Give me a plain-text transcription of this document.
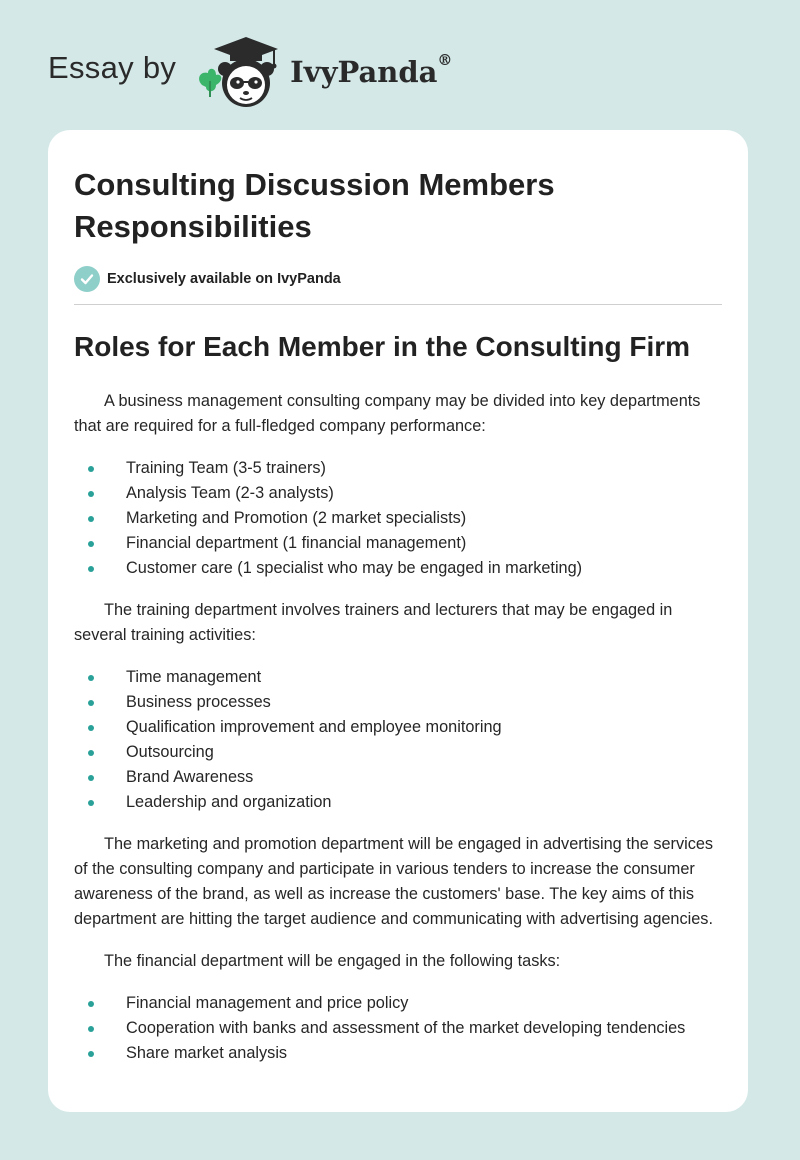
Essay by	IvyPanda®
Consulting Discussion Members Responsibilities
Exclusively available on IvyPanda
Roles for Each Member in the Consulting Firm

A business management consulting company may be divided into key departments that are required for a full-fledged company performance:

Training Team (3-5 trainers)
Analysis Team (2-3 analysts)
Marketing and Promotion (2 market specialists)
Financial department (1 financial management)
Customer care (1 specialist who may be engaged in marketing)

The training department involves trainers and lecturers that may be engaged in several training activities:

Time management
Business processes
Qualification improvement and employee monitoring
Outsourcing
Brand Awareness
Leadership and organization

The marketing and promotion department will be engaged in advertising the services of the consulting company and participate in various tenders to increase the consumer awareness of the brand, as well as increase the customers' base. The key aims of this department are hitting the target audience and communicating with advertising agencies.

The financial department will be engaged in the following tasks:

Financial management and price policy
Cooperation with banks and assessment of the market developing tendencies
Share market analysis
